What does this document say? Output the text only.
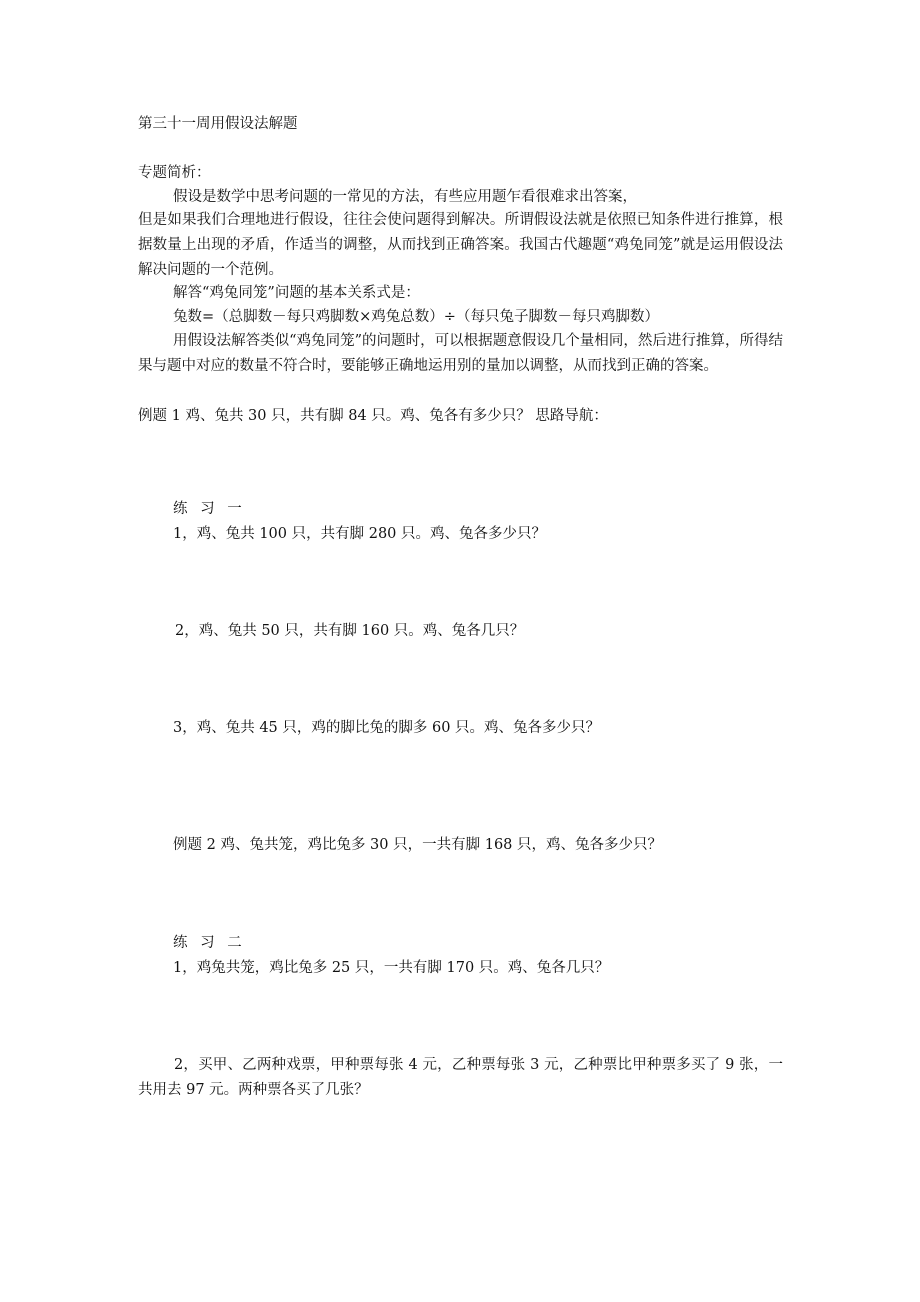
第三十一周用假设法解题
专题简析：
假设是数学中思考问题的一常见的方法，有些应用题乍看很难求出答案，
但是如果我们合理地进行假设，往往会使问题得到解决。所谓假设法就是依照已知条件进行推算，根据数量上出现的矛盾，作适当的调整，从而找到正确答案。我国古代趣题“鸡兔同笼”就是运用假设法解决问题的一个范例。
解答“鸡兔同笼”问题的基本关系式是：
兔数=（总脚数－每只鸡脚数×鸡兔总数）÷（每只兔子脚数－每只鸡脚数）
用假设法解答类似“鸡兔同笼”的问题时，可以根据题意假设几个量相同，然后进行推算，所得结果与题中对应的数量不符合时，要能够正确地运用别的量加以调整，从而找到正确的答案。
例题 1 鸡、兔共 30 只，共有脚 84 只。鸡、兔各有多少只？ 思路导航：
练 习 一
1，鸡、兔共 100 只，共有脚 280 只。鸡、兔各多少只？
2，鸡、兔共 50 只，共有脚 160 只。鸡、兔各几只？
3，鸡、兔共 45 只，鸡的脚比兔的脚多 60 只。鸡、兔各多少只？
例题 2 鸡、兔共笼，鸡比兔多 30 只，一共有脚 168 只，鸡、兔各多少只？
练 习 二
1，鸡兔共笼，鸡比兔多 25 只，一共有脚 170 只。鸡、兔各几只？
2，买甲、乙两种戏票，甲种票每张 4 元，乙种票每张 3 元，乙种票比甲种票多买了 9 张，一共用去 97 元。两种票各买了几张？
